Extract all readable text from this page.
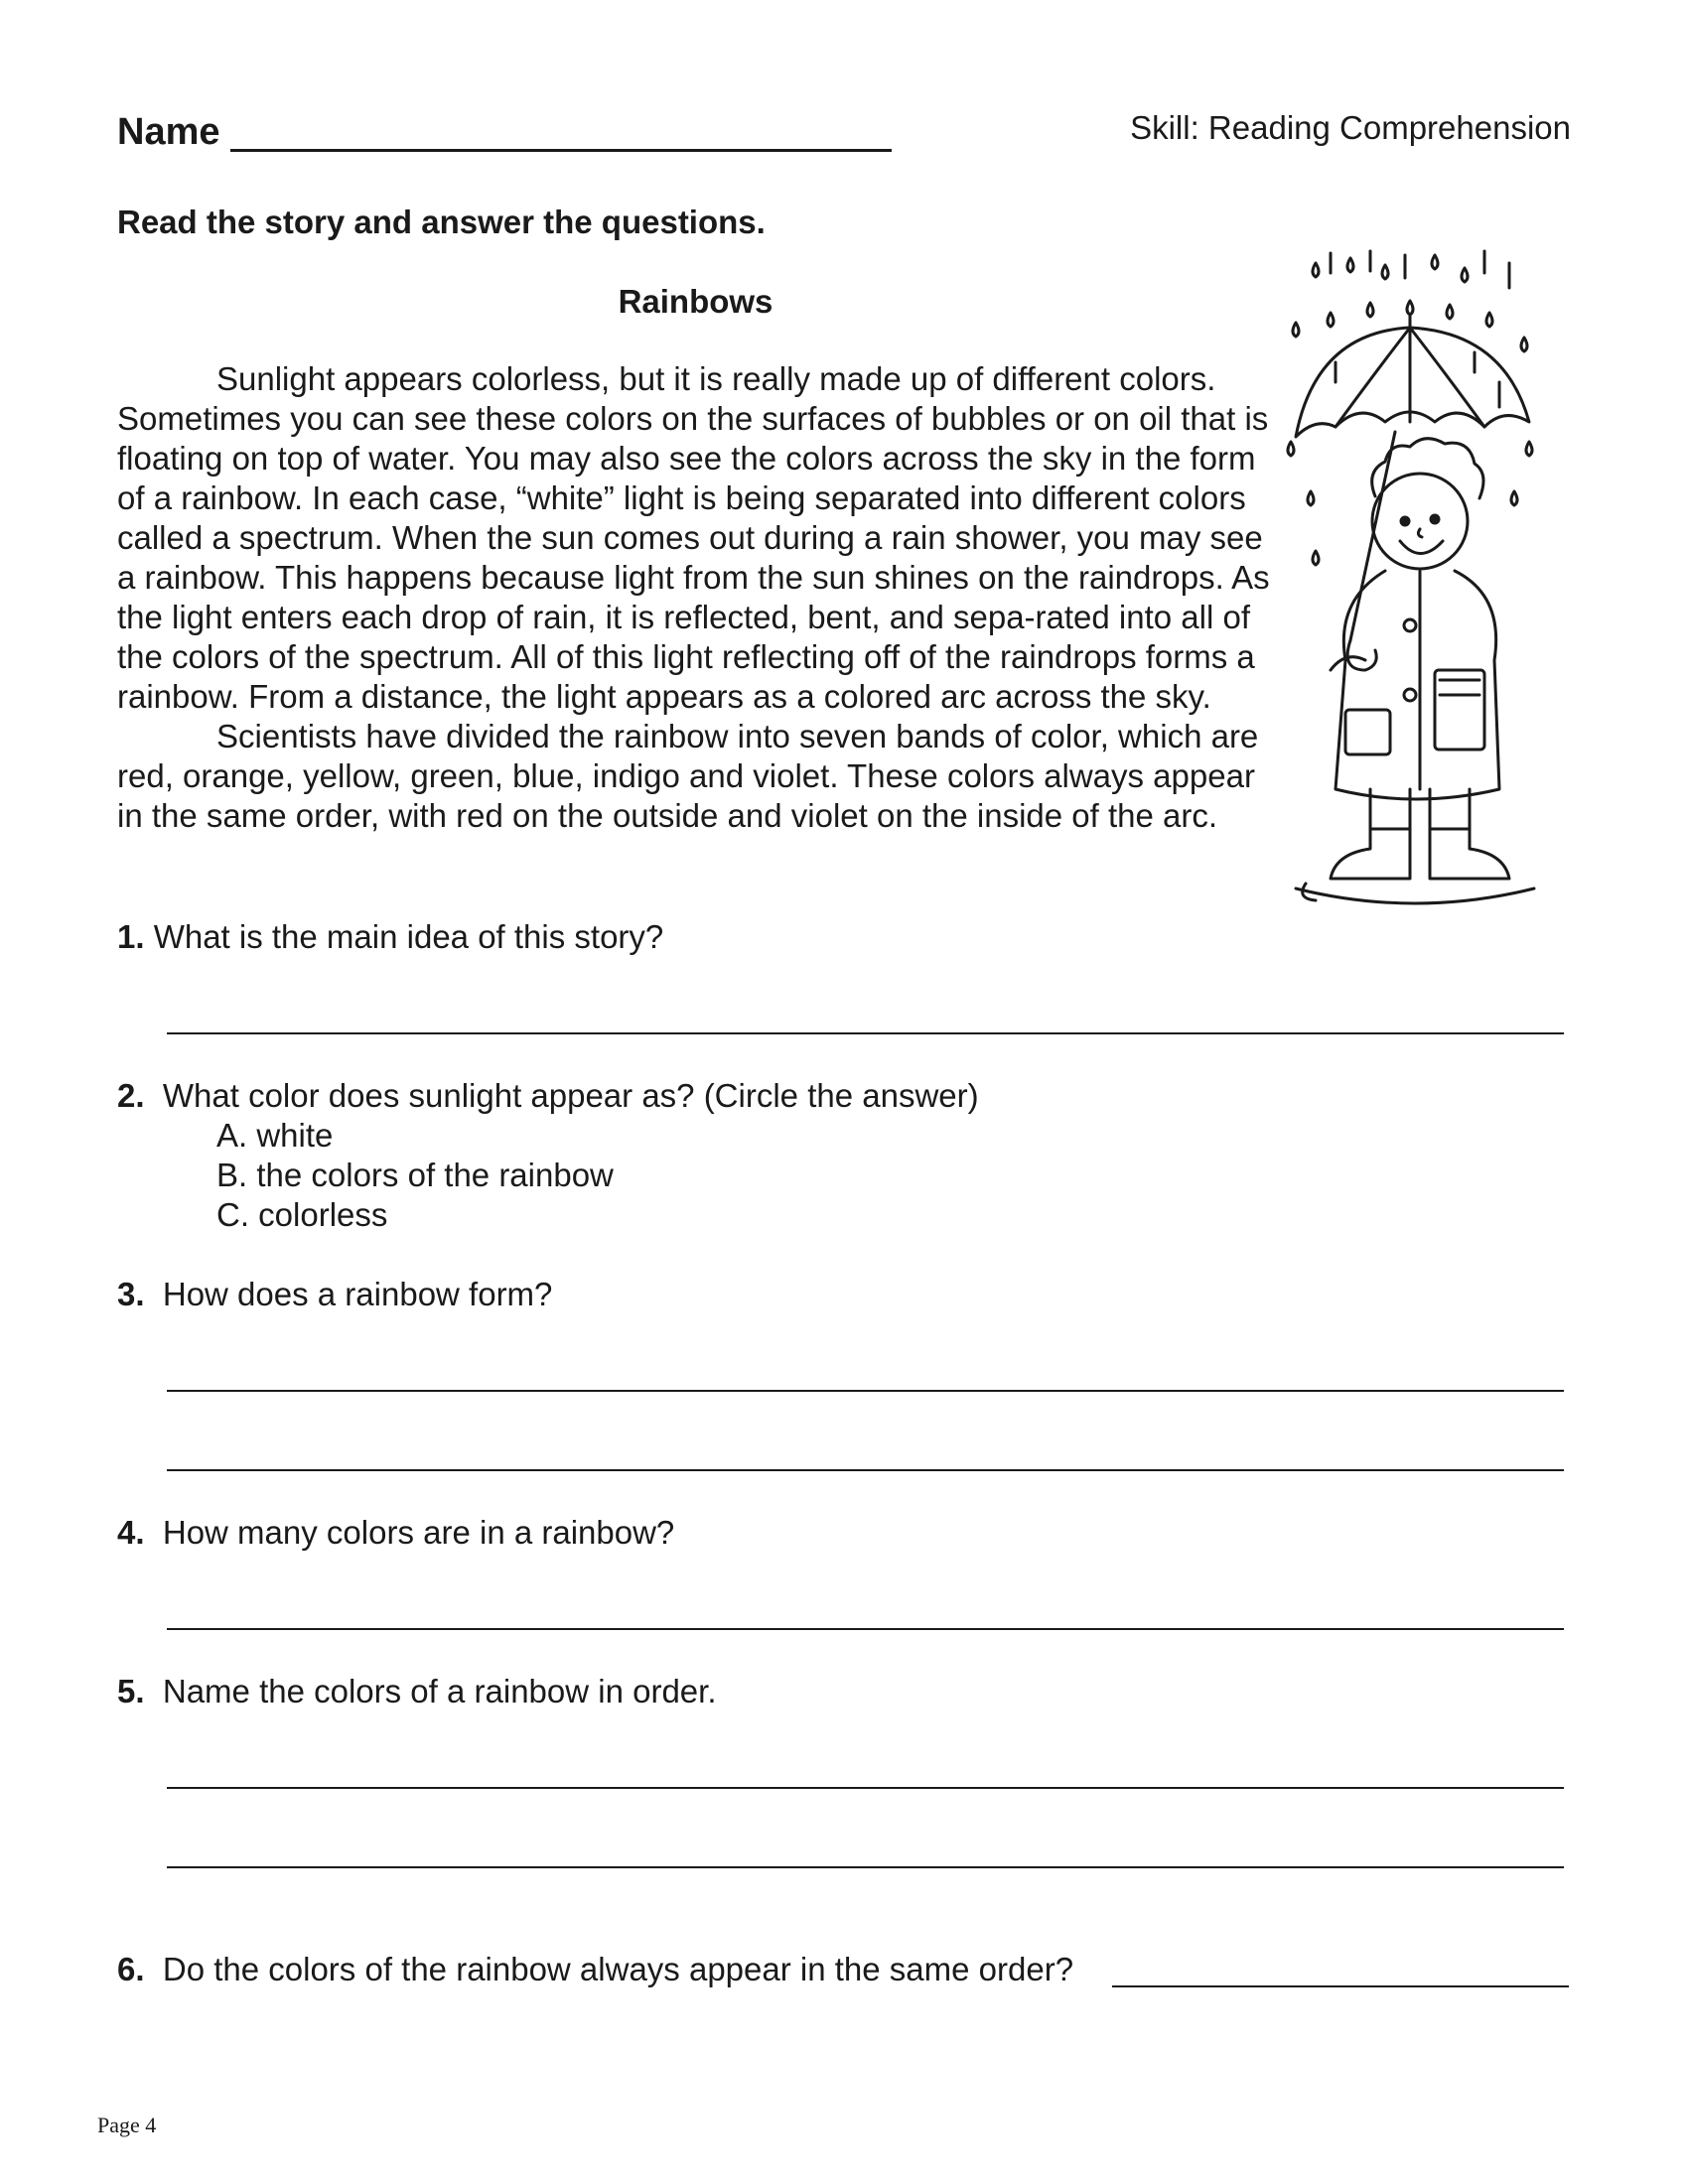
Name	Skill: Reading Comprehension
Read the story and answer the questions.
Rainbows

Sunlight appears colorless, but it is really made up of different colors. Sometimes you can see these colors on the surfaces of bubbles or on oil that is floating on top of water. You may also see the colors across the sky in the form of a rainbow. In each case, “white” light is being separated into different colors called a spectrum. When the sun comes out during a rain shower, you may see a rainbow. This happens because light from the sun shines on the raindrops. As the light enters each drop of rain, it is reflected, bent, and sepa-rated into all of the colors of the spectrum. All of this light reflecting off of the raindrops forms a rainbow. From a distance, the light appears as a colored arc across the sky.

Scientists have divided the rainbow into seven bands of color, which are red, orange, yellow, green, blue, indigo and violet. These colors always appear in the same order, with red on the outside and violet on the inside of the arc.

1. What is the main idea of this story?
2. What color does sunlight appear as? (Circle the answer)
A. white
B. the colors of the rainbow
C. colorless
3. How does a rainbow form?
4. How many colors are in a rainbow?
5. Name the colors of a rainbow in order.
6. Do the colors of the rainbow always appear in the same order?
Page 4
